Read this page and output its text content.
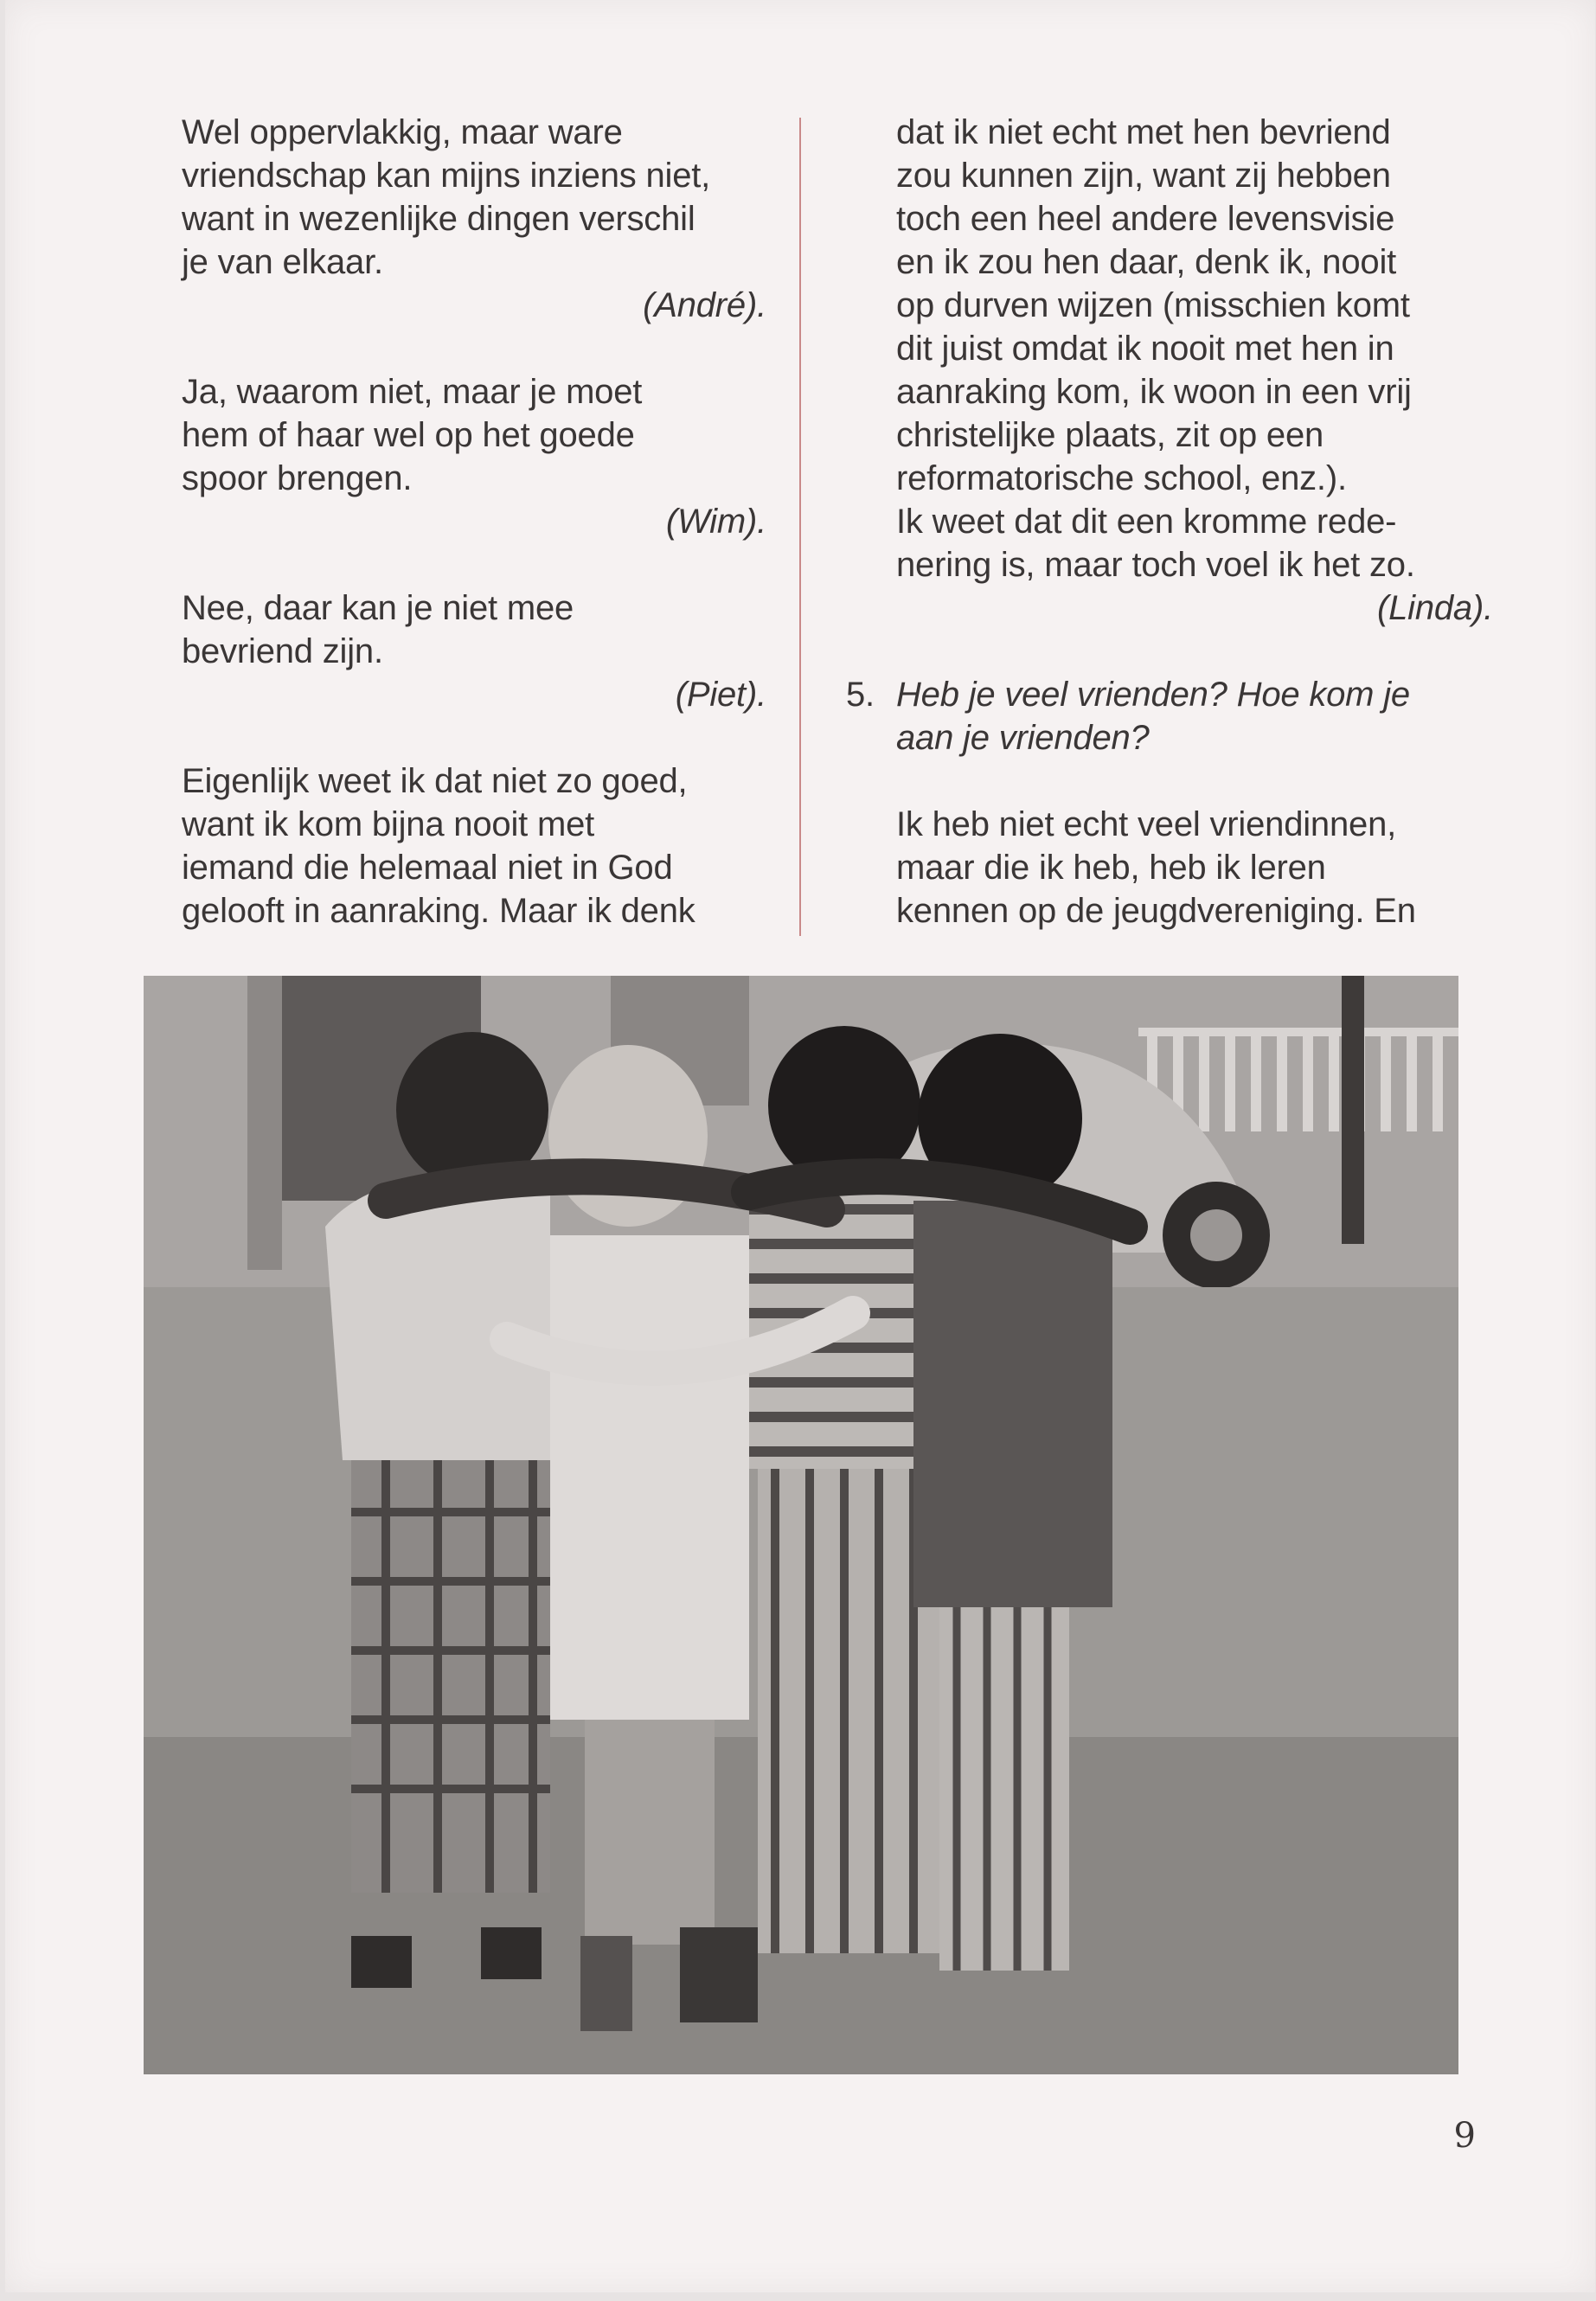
Wel oppervlakkig, maar ware

vriendschap kan mijns inziens niet,

want in wezenlijke dingen verschil

je van elkaar.

(André).

Ja, waarom niet, maar je moet

hem of haar wel op het goede

spoor brengen.

(Wim).

Nee, daar kan je niet mee

bevriend zijn.

(Piet).

Eigenlijk weet ik dat niet zo goed,

want ik kom bijna nooit met

iemand die helemaal niet in God

gelooft in aanraking. Maar ik denk

dat ik niet echt met hen bevriend

zou kunnen zijn, want zij hebben

toch een heel andere levensvisie

en ik zou hen daar, denk ik, nooit

op durven wijzen (misschien komt

dit juist omdat ik nooit met hen in

aanraking kom, ik woon in een vrij

christelijke plaats, zit op een

reformatorische school, enz.).

Ik weet dat dit een kromme rede-

nering is, maar toch voel ik het zo.

(Linda).

5. Heb je veel vrienden? Hoe kom je

aan je vrienden?

Ik heb niet echt veel vriendinnen,

maar die ik heb, heb ik leren

kennen op de jeugdvereniging. En

9
